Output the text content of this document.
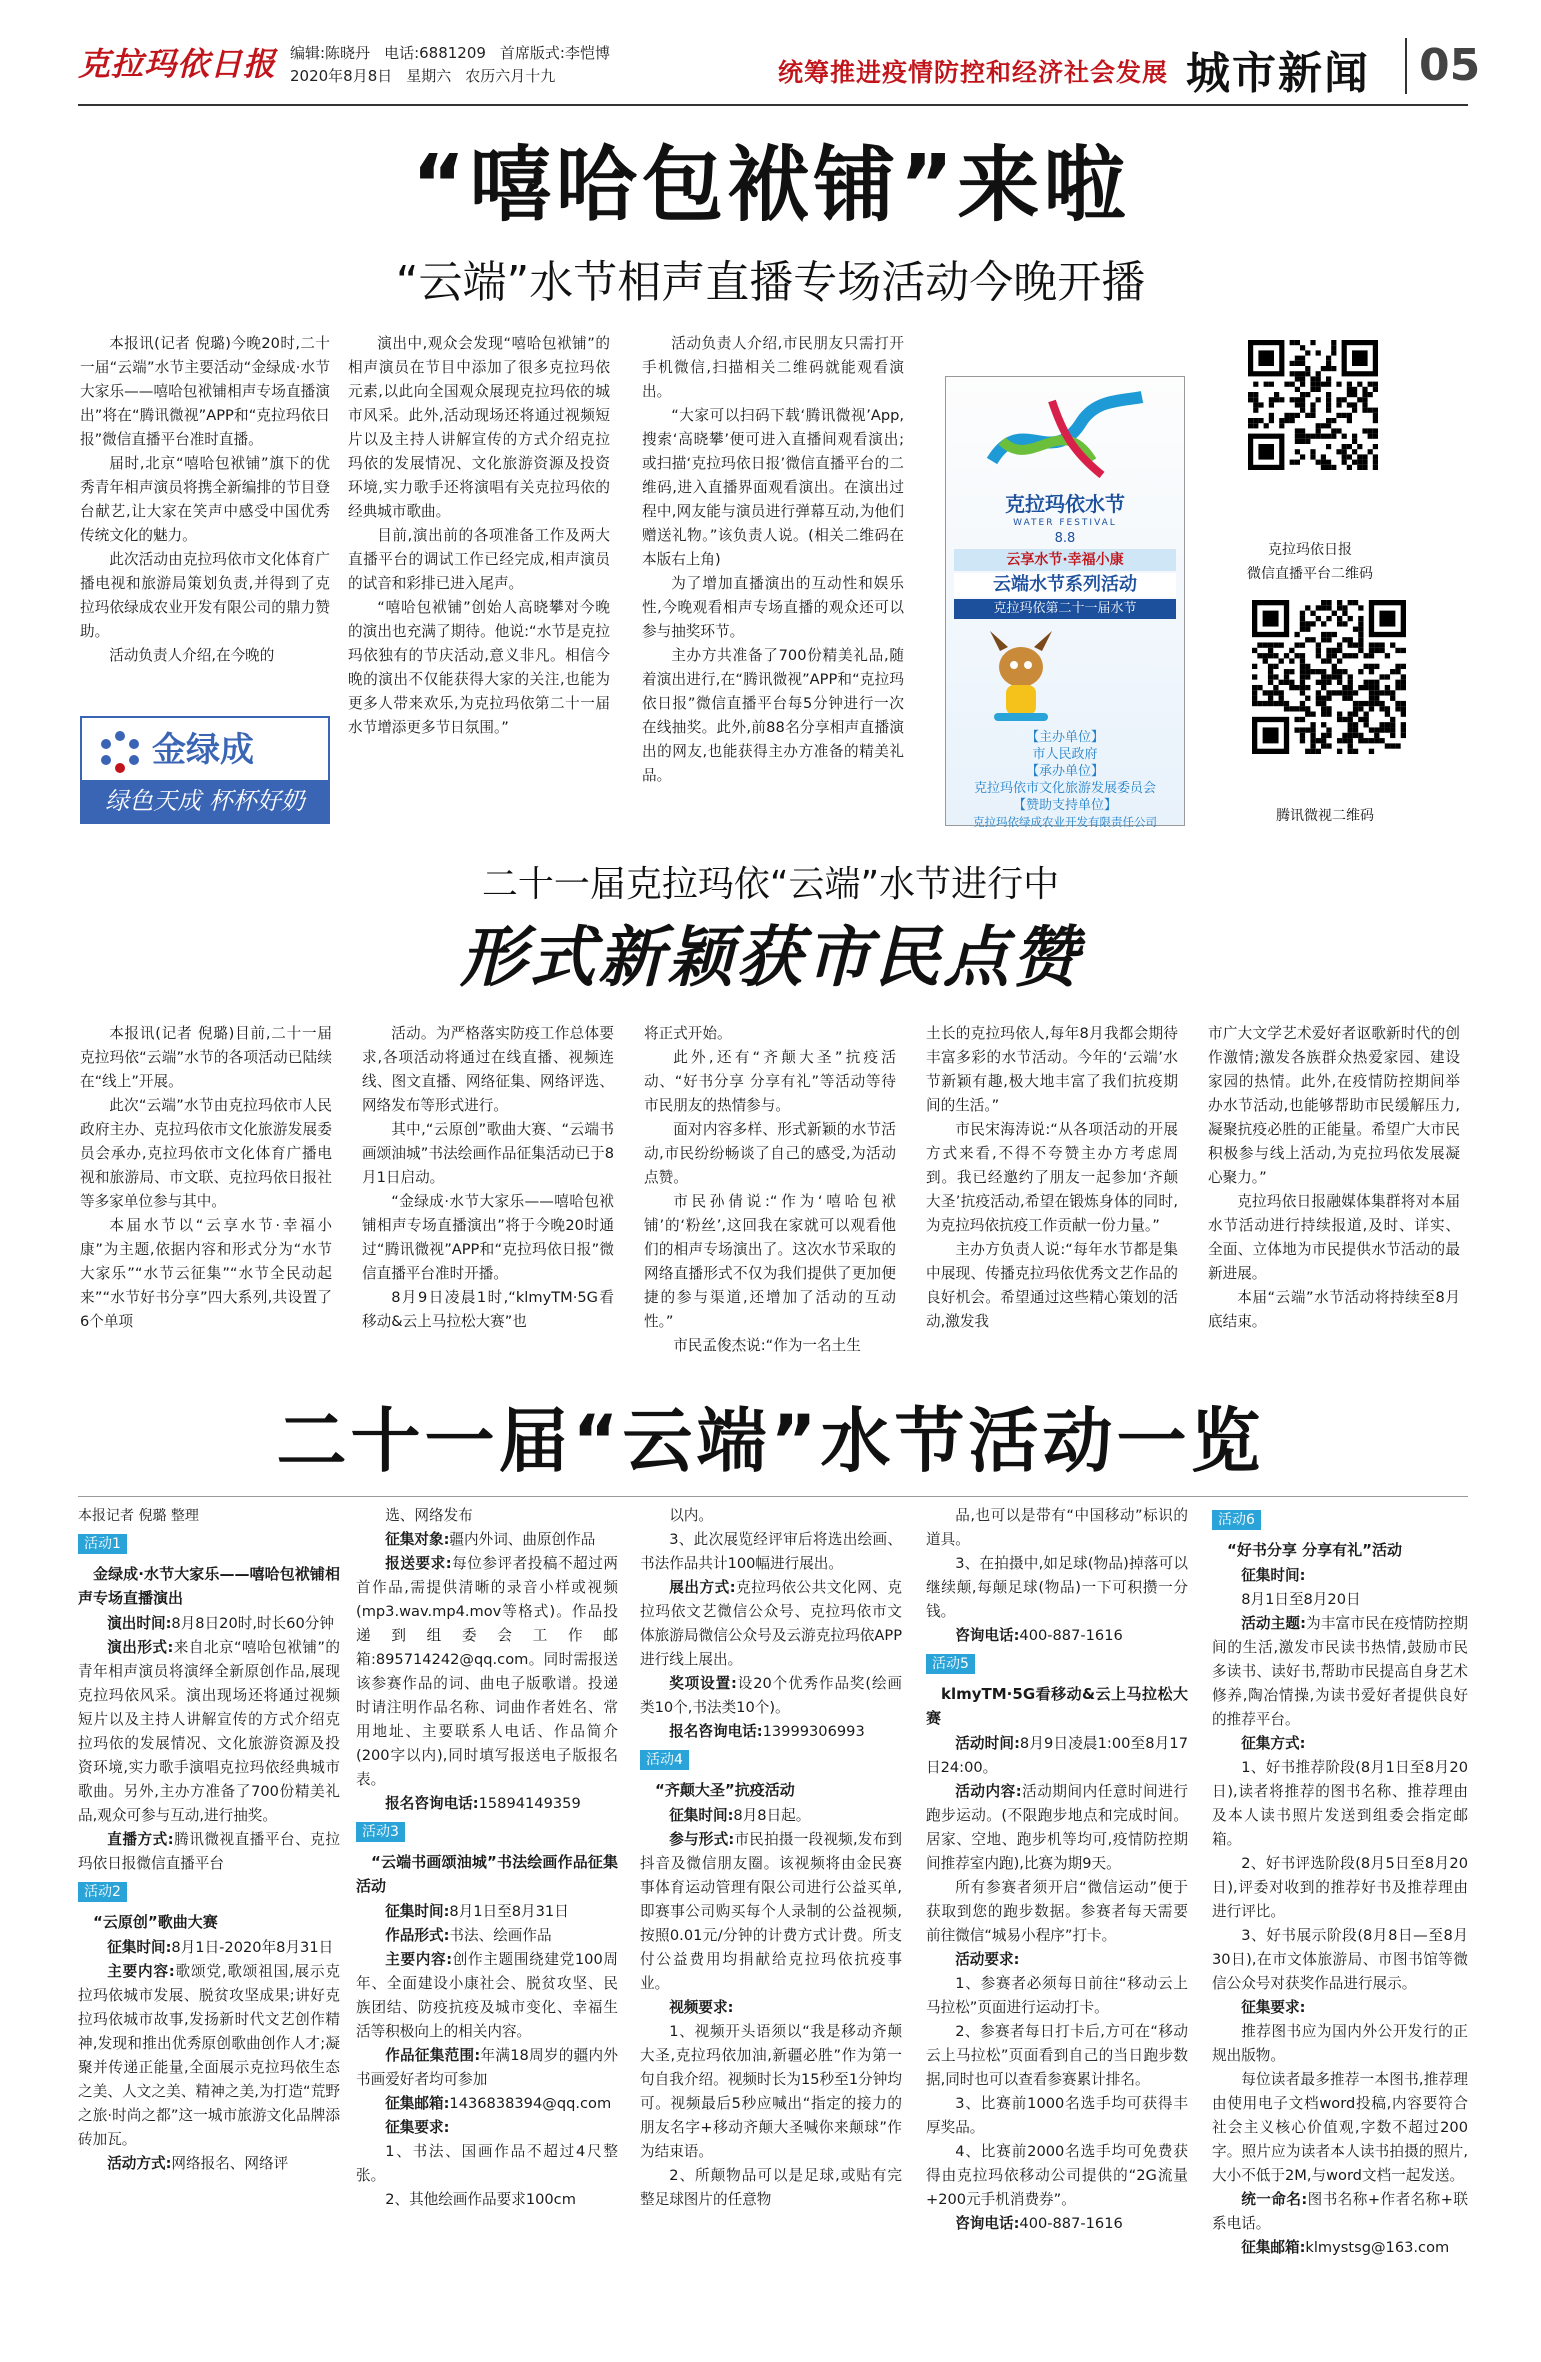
克拉玛依日报 编辑:陈晓丹 电话:6881209 首席版式:李恺博
2020年8月8日 星期六 农历六月十九	统筹推进疫情防控和经济社会发展 城市新闻	05
“嘻哈包袱铺”来啦
“云端”水节相声直播专场活动今晚开播

本报讯(记者 倪璐)今晚20时,二十一届“云端”水节主要活动“金绿成·水节大家乐——嘻哈包袱铺相声专场直播演出”将在“腾讯微视”APP和“克拉玛依日报”微信直播平台准时直播。

届时,北京“嘻哈包袱铺”旗下的优秀青年相声演员将携全新编排的节目登台献艺,让大家在笑声中感受中国优秀传统文化的魅力。

此次活动由克拉玛依市文化体育广播电视和旅游局策划负责,并得到了克拉玛依绿成农业开发有限公司的鼎力赞助。

活动负责人介绍,在今晚的

金绿成
绿色天成 杯杯好奶

演出中,观众会发现“嘻哈包袱铺”的相声演员在节目中添加了很多克拉玛依元素,以此向全国观众展现克拉玛依的城市风采。此外,活动现场还将通过视频短片以及主持人讲解宣传的方式介绍克拉玛依的发展情况、文化旅游资源及投资环境,实力歌手还将演唱有关克拉玛依的经典城市歌曲。

目前,演出前的各项准备工作及两大直播平台的调试工作已经完成,相声演员的试音和彩排已进入尾声。

“嘻哈包袱铺”创始人高晓攀对今晚的演出也充满了期待。他说:“水节是克拉玛依独有的节庆活动,意义非凡。相信今晚的演出不仅能获得大家的关注,也能为更多人带来欢乐,为克拉玛依第二十一届水节增添更多节日氛围。”

活动负责人介绍,市民朋友只需打开手机微信,扫描相关二维码就能观看演出。

“大家可以扫码下载‘腾讯微视’App,搜索‘高晓攀’便可进入直播间观看演出;或扫描‘克拉玛依日报’微信直播平台的二维码,进入直播界面观看演出。在演出过程中,网友能与演员进行弹幕互动,为他们赠送礼物。”该负责人说。(相关二维码在本版右上角)

为了增加直播演出的互动性和娱乐性,今晚观看相声专场直播的观众还可以参与抽奖环节。

主办方共准备了700份精美礼品,随着演出进行,在“腾讯微视”APP和“克拉玛依日报”微信直播平台每5分钟进行一次在线抽奖。此外,前88名分享相声直播演出的网友,也能获得主办方准备的精美礼品。

克拉玛依水节
WATER FESTIVAL
8.8
云享水节·幸福小康
云端水节系列活动
克拉玛依第二十一届水节
【主办单位】
市人民政府
【承办单位】
克拉玛依市文化旅游发展委员会
【赞助支持单位】
克拉玛依绿成农业开发有限责任公司
克拉玛依日报
微信直播平台二维码
腾讯微视二维码
二十一届克拉玛依“云端”水节进行中
形式新颖获市民点赞

本报讯(记者 倪璐)目前,二十一届克拉玛依“云端”水节的各项活动已陆续在“线上”开展。

此次“云端”水节由克拉玛依市人民政府主办、克拉玛依市文化旅游发展委员会承办,克拉玛依市文化体育广播电视和旅游局、市文联、克拉玛依日报社等多家单位参与其中。

本届水节以“云享水节·幸福小康”为主题,依据内容和形式分为“水节大家乐”“水节云征集”“水节全民动起来”“水节好书分享”四大系列,共设置了6个单项

活动。为严格落实防疫工作总体要求,各项活动将通过在线直播、视频连线、图文直播、网络征集、网络评选、网络发布等形式进行。

其中,“云原创”歌曲大赛、“云端书画颂油城”书法绘画作品征集活动已于8月1日启动。

“金绿成·水节大家乐——嘻哈包袱铺相声专场直播演出”将于今晚20时通过“腾讯微视”APP和“克拉玛依日报”微信直播平台准时开播。

8月9日凌晨1时,“klmyTM·5G看移动&云上马拉松大赛”也

将正式开始。

此外,还有“齐颠大圣”抗疫活动、“好书分享 分享有礼”等活动等待市民朋友的热情参与。

面对内容多样、形式新颖的水节活动,市民纷纷畅谈了自己的感受,为活动点赞。

市民孙倩说:“作为‘嘻哈包袱铺’的‘粉丝’,这回我在家就可以观看他们的相声专场演出了。这次水节采取的网络直播形式不仅为我们提供了更加便捷的参与渠道,还增加了活动的互动性。”

市民孟俊杰说:“作为一名土生

土长的克拉玛依人,每年8月我都会期待丰富多彩的水节活动。今年的‘云端’水节新颖有趣,极大地丰富了我们抗疫期间的生活。”

市民宋海涛说:“从各项活动的开展方式来看,不得不夸赞主办方考虑周到。我已经邀约了朋友一起参加‘齐颠大圣’抗疫活动,希望在锻炼身体的同时,为克拉玛依抗疫工作贡献一份力量。”

主办方负责人说:“每年水节都是集中展现、传播克拉玛依优秀文艺作品的良好机会。希望通过这些精心策划的活动,激发我

市广大文学艺术爱好者讴歌新时代的创作激情;激发各族群众热爱家园、建设家园的热情。此外,在疫情防控期间举办水节活动,也能够帮助市民缓解压力,凝聚抗疫必胜的正能量。希望广大市民积极参与线上活动,为克拉玛依发展凝心聚力。”

克拉玛依日报融媒体集群将对本届水节活动进行持续报道,及时、详实、全面、立体地为市民提供水节活动的最新进展。

本届“云端”水节活动将持续至8月底结束。

二十一届“云端”水节活动一览

本报记者 倪璐 整理

活动1
金绿成·水节大家乐——嘻哈包袱铺相声专场直播演出

演出时间:8月8日20时,时长60分钟

演出形式:来自北京“嘻哈包袱铺”的青年相声演员将演绎全新原创作品,展现克拉玛依风采。演出现场还将通过视频短片以及主持人讲解宣传的方式介绍克拉玛依的发展情况、文化旅游资源及投资环境,实力歌手演唱克拉玛依经典城市歌曲。另外,主办方准备了700份精美礼品,观众可参与互动,进行抽奖。

直播方式:腾讯微视直播平台、克拉玛依日报微信直播平台

活动2
“云原创”歌曲大赛

征集时间:8月1日-2020年8月31日

主要内容:歌颂党,歌颂祖国,展示克拉玛依城市发展、脱贫攻坚成果;讲好克拉玛依城市故事,发扬新时代文艺创作精神,发现和推出优秀原创歌曲创作人才;凝聚并传递正能量,全面展示克拉玛依生态之美、人文之美、精神之美,为打造“荒野之旅·时尚之都”这一城市旅游文化品牌添砖加瓦。

活动方式:网络报名、网络评

选、网络发布

征集对象:疆内外词、曲原创作品

报送要求:每位参评者投稿不超过两首作品,需提供清晰的录音小样或视频(mp3.wav.mp4.mov等格式)。作品投递到组委会工作邮箱:895714242@qq.com。同时需报送该参赛作品的词、曲电子版歌谱。投递时请注明作品名称、词曲作者姓名、常用地址、主要联系人电话、作品简介(200字以内),同时填写报送电子版报名表。

报名咨询电话:15894149359

活动3
“云端书画颂油城”书法绘画作品征集活动

征集时间:8月1日至8月31日

作品形式:书法、绘画作品

主要内容:创作主题围绕建党100周年、全面建设小康社会、脱贫攻坚、民族团结、防疫抗疫及城市变化、幸福生活等积极向上的相关内容。

作品征集范围:年满18周岁的疆内外书画爱好者均可参加

征集邮箱:1436838394@qq.com

征集要求:

1、书法、国画作品不超过4尺整张。

2、其他绘画作品要求100cm

以内。

3、此次展览经评审后将选出绘画、书法作品共计100幅进行展出。

展出方式:克拉玛依公共文化网、克拉玛依文艺微信公众号、克拉玛依市文体旅游局微信公众号及云游克拉玛依APP进行线上展出。

奖项设置:设20个优秀作品奖(绘画类10个,书法类10个)。

报名咨询电话:13999306993

活动4
“齐颠大圣”抗疫活动

征集时间:8月8日起。

参与形式:市民拍摄一段视频,发布到抖音及微信朋友圈。该视频将由金民赛事体育运动管理有限公司进行公益买单,即赛事公司购买每个人录制的公益视频,按照0.01元/分钟的计费方式计费。所支付公益费用均捐献给克拉玛依抗疫事业。

视频要求:

1、视频开头语须以“我是移动齐颠大圣,克拉玛依加油,新疆必胜”作为第一句自我介绍。视频时长为15秒至1分钟均可。视频最后5秒应喊出“指定的接力的朋友名字+移动齐颠大圣喊你来颠球”作为结束语。

2、所颠物品可以是足球,或贴有完整足球图片的任意物

品,也可以是带有“中国移动”标识的道具。

3、在拍摄中,如足球(物品)掉落可以继续颠,每颠足球(物品)一下可积攒一分钱。

咨询电话:400-887-1616

活动5
klmyTM·5G看移动&云上马拉松大赛

活动时间:8月9日凌晨1:00至8月17日24:00。

活动内容:活动期间内任意时间进行跑步运动。(不限跑步地点和完成时间。居家、空地、跑步机等均可,疫情防控期间推荐室内跑),比赛为期9天。

所有参赛者须开启“微信运动”便于获取到您的跑步数据。参赛者每天需要前往微信“城易小程序”打卡。

活动要求:

1、参赛者必须每日前往“移动云上马拉松”页面进行运动打卡。

2、参赛者每日打卡后,方可在“移动云上马拉松”页面看到自己的当日跑步数据,同时也可以查看参赛累计排名。

3、比赛前1000名选手均可获得丰厚奖品。

4、比赛前2000名选手均可免费获得由克拉玛依移动公司提供的“2G流量+200元手机消费券”。

咨询电话:400-887-1616

活动6
“好书分享 分享有礼”活动

征集时间:

8月1日至8月20日

活动主题:为丰富市民在疫情防控期间的生活,激发市民读书热情,鼓励市民多读书、读好书,帮助市民提高自身艺术修养,陶冶情操,为读书爱好者提供良好的推荐平台。

征集方式:

1、好书推荐阶段(8月1日至8月20日),读者将推荐的图书名称、推荐理由及本人读书照片发送到组委会指定邮箱。

2、好书评选阶段(8月5日至8月20日),评委对收到的推荐好书及推荐理由进行评比。

3、好书展示阶段(8月8日—至8月30日),在市文体旅游局、市图书馆等微信公众号对获奖作品进行展示。

征集要求:

推荐图书应为国内外公开发行的正规出版物。

每位读者最多推荐一本图书,推荐理由使用电子文档word投稿,内容要符合社会主义核心价值观,字数不超过200字。照片应为读者本人读书拍摄的照片,大小不低于2M,与word文档一起发送。

统一命名:图书名称+作者名称+联系电话。

征集邮箱:klmystsg@163.com
